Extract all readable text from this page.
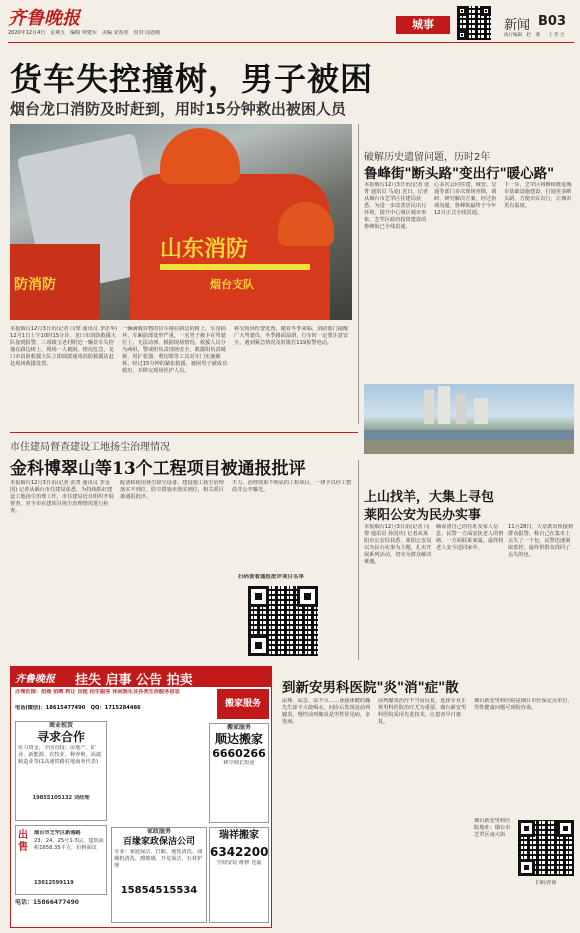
齐鲁晚报
2020年12月4日　星期五　编辑 钟建军　美编 宋春虎　校对 周恩刚
城事	新闻 B03
执行编辑　赵　燕	上 善 合
货车失控撞树，男子被困
烟台龙口消防及时赶到，用时15分钟救出被困人员
山东消防
烟台支队
防消防
本报烟台12月3日讯(记者 闫黎 通讯员 李思华) 12月1日上午10时15分许，龙口市消防救援大队接到报警，三毒镇宝老村附近一辆货车失控撞在路边树上，现场一人被困。情况危急，龙口市消防救援大队立即调派通毒消防救援站赶赴现场救援处置。
一辆满载货物的货车撞在路边的树上，车身损坏，车厢前部变形严重，一名男子被卡在驾驶位上，无法动弹。根据现场情况，救援人员分为两组，警戒组负责现场安全，救援组负责破拆，用扩张器、剪切钳等工具对车门实施破拆，经过15分钟的紧张救援，被困男子被成功救出，并移交现场医护人员。
移交现场医警处置。随着冬季来临，消防部门提醒广大驾驶员，冬季路面湿滑，行车时一定要注意安全，遇到紧急情况及时拨打119报警电话。
破解历史遗留问题，历时2年
鲁峰街"断头路"变出行"暖心路"
本报烟台12月3日讯(记者 张菁 通讯员 马凌) 近日，记者从烟台市芝罘区住建局获悉，为进一步改善居民出行环境，提升中心城区城市形象，芝罘区政府投资建设的鲁峰街已全线贯通。
心多次会同住建、城管、交通等部门多次现场查勘，调研、研究解决方案，经过协调沟通，鲁峰街最终于今年12月正式全线贯通。
下一步，芝罘区将继续推进城市基础设施建设，打通更多断头路，方便市民出行，让城市更有温度。
市住建局督查建设工地扬尘治理情况
金科博翠山等13个工程项目被通报批评
本报烟台12月3日讯(记者 张菁 通讯员 李金国) 记者从烟台市住建局获悉，为持续抓好建设工地扬尘治理工作，市住建局近日组织开展督查，对全市在建项目扬尘治理情况进行检查。
配备和使用扬尘降尘设备，建设施工扬尘治理落实不到位，防尘措施未落实到位，相关项目被通报批评。
不力，治理效果不明显的工程项目，一律予以停工整改并公开曝光。
扫码查看通报批评项目名单
上山找羊，大集上寻包
莱阳公安为民办实事
本报烟台12月3日讯(记者 闫黎 通讯员 孙国庆) 记者从莱阳市公安局获悉，莱阳公安局以为民办实事为主题，扎实开展系列活动，切实为群众解决难题。
确说清自己的住址及家人信息，民警一方面安抚老人的情绪，一方面联系家属，最终将老人安全送回家中。
11月28日，大夼派出所接到群众报警，称自己在集市上丢失了一个包，民警迅速调取监控，最终帮群众找回了丢失的包。
齐鲁晚报 挂失 启事 公告 拍卖
办理范围：招商 招聘 转让 出租 招生服务 休闲娱乐及各类生活服务信息
电话(微信)：18615477490　QQ：1715284486	搬家服务
商业租赁
寻求合作
实力资金，全国直投：房地产、矿业、新能源、农牧业、种养殖、高端制造业等(1高速铁路驻地商务代表)
19855105132 刘经理
出售
烟台市芝罘区新海路
23、24、25号1-3层，建筑面积1658.35平方，价格面议
13012599119
电话：15866477490
家政服务
百缘家政保洁公司
专业：家庭保洁、打蜡、地毯清洗、油烟机清洗、擦玻璃、开荒保洁、石材护理
15854515534
搬家服务
顺达搬家
6660266
移空调长短途
瑞祥搬家
6342200
空调安装 维修 充氟
到新安男科医院"炎"消"症"散
尿频、尿急、尿不尽……身强体健的魏先生却不大敢喝水，问诊后发现是前列腺炎，慢性前列腺炎是男性常见病，多发病。
前列腺炎治疗不当易反复，选择专业正规男科医院治疗尤为重要，烟台新安男科医院采用先进技术，让患者早日康复。
烟台新安男科医院是烟台市医保定点单位，男性健康问题可到院咨询。
烟台新安男科医院地址：烟台市芝罘区南大街
扫码咨询
